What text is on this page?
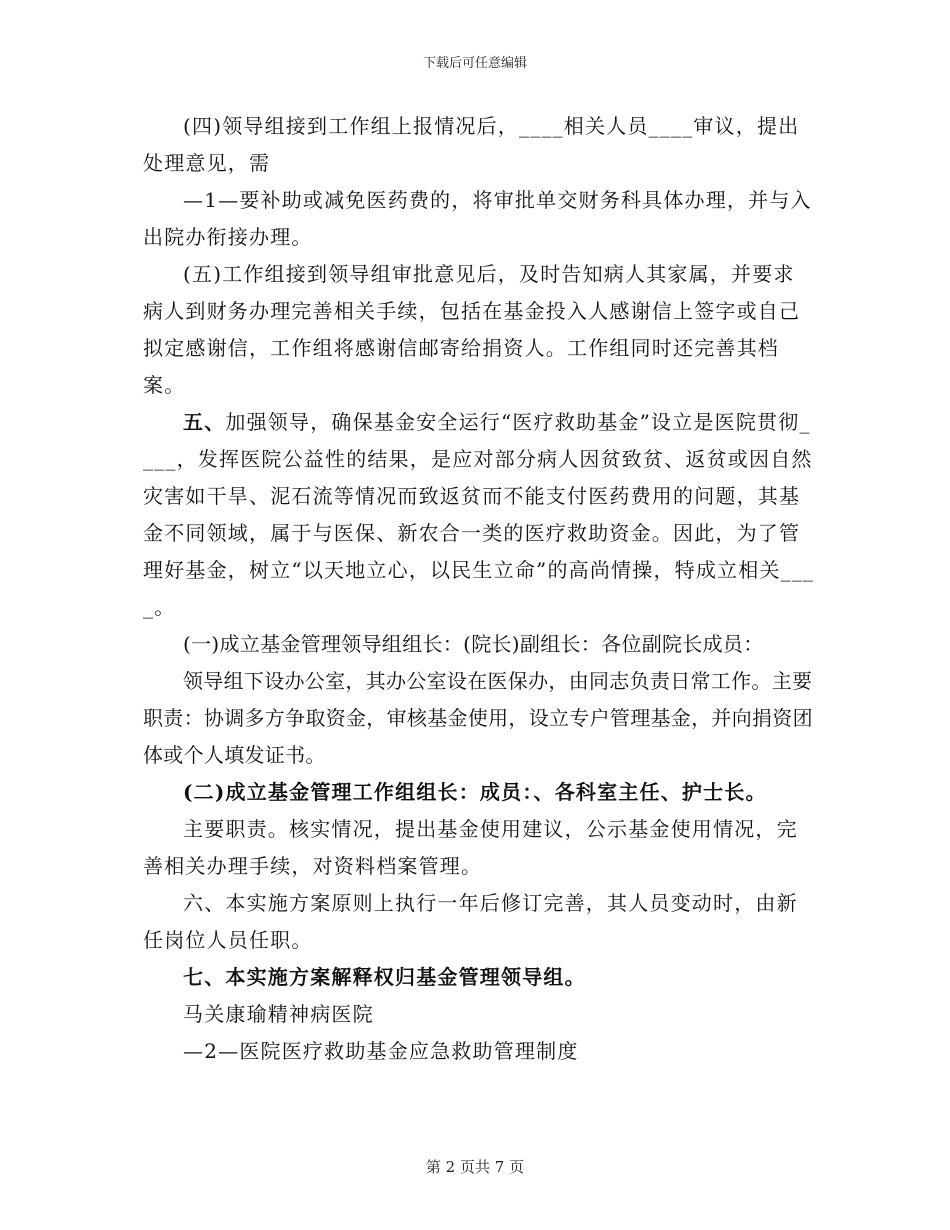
下载后可任意编辑

(四)领导组接到工作组上报情况后，____相关人员____审议，提出处理意见，需

—1—要补助或减免医药费的，将审批单交财务科具体办理，并与入出院办衔接办理。

(五)工作组接到领导组审批意见后，及时告知病人其家属，并要求病人到财务办理完善相关手续，包括在基金投入人感谢信上签字或自己拟定感谢信，工作组将感谢信邮寄给捐资人。工作组同时还完善其档案。

五、加强领导，确保基金安全运行“医疗救助基金”设立是医院贯彻____，发挥医院公益性的结果，是应对部分病人因贫致贫、返贫或因自然灾害如干旱、泥石流等情况而致返贫而不能支付医药费用的问题，其基金不同领域，属于与医保、新农合一类的医疗救助资金。因此，为了管理好基金，树立“以天地立心，以民生立命”的高尚情操，特成立相关____。

(一)成立基金管理领导组组长：(院长)副组长：各位副院长成员：

领导组下设办公室，其办公室设在医保办，由同志负责日常工作。主要职责：协调多方争取资金，审核基金使用，设立专户管理基金，并向捐资团体或个人填发证书。

(二)成立基金管理工作组组长：成员：、各科室主任、护士长。

主要职责。核实情况，提出基金使用建议，公示基金使用情况，完善相关办理手续，对资料档案管理。

六、本实施方案原则上执行一年后修订完善，其人员变动时，由新任岗位人员任职。

七、本实施方案解释权归基金管理领导组。

马关康瑜精神病医院

—2—医院医疗救助基金应急救助管理制度

第 2 页共 7 页
